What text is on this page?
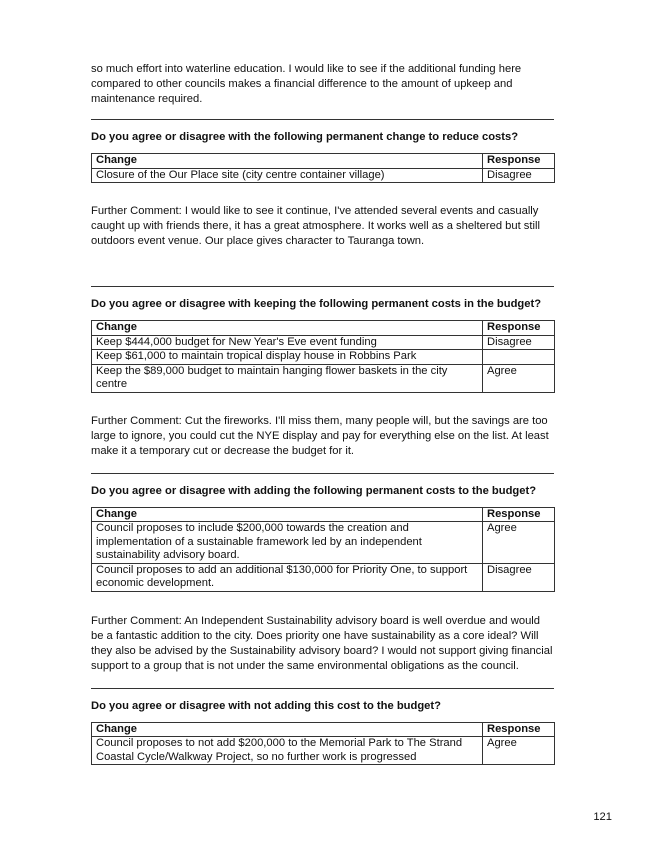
so much effort into waterline education. I would like to see if the additional funding here compared to other councils makes a financial difference to the amount of upkeep and maintenance required.

Do you agree or disagree with the following permanent change to reduce costs?

Change	Response
Closure of the Our Place site (city centre container village)	Disagree

Further Comment: I would like to see it continue, I've attended several events and casually caught up with friends there, it has a great atmosphere. It works well as a sheltered but still outdoors event venue. Our place gives character to Tauranga town.

Do you agree or disagree with keeping the following permanent costs in the budget?

Change	Response
Keep $444,000 budget for New Year's Eve event funding	Disagree
Keep $61,000 to maintain tropical display house in Robbins Park	
Keep the $89,000 budget to maintain hanging flower baskets in the city centre	Agree

Further Comment: Cut the fireworks. I'll miss them, many people will, but the savings are too large to ignore, you could cut the NYE display and pay for everything else on the list. At least make it a temporary cut or decrease the budget for it.

Do you agree or disagree with adding the following permanent costs to the budget?

Change	Response
Council proposes to include $200,000 towards the creation and implementation of a sustainable framework led by an independent sustainability advisory board.	Agree
Council proposes to add an additional $130,000 for Priority One, to support economic development.	Disagree

Further Comment: An Independent Sustainability advisory board is well overdue and would be a fantastic addition to the city. Does priority one have sustainability as a core ideal? Will they also be advised by the Sustainability advisory board? I would not support giving financial support to a group that is not under the same environmental obligations as the council.

Do you agree or disagree with not adding this cost to the budget?

Change	Response
Council proposes to not add $200,000 to the Memorial Park to The Strand Coastal Cycle/Walkway Project, so no further work is progressed	Agree
121
